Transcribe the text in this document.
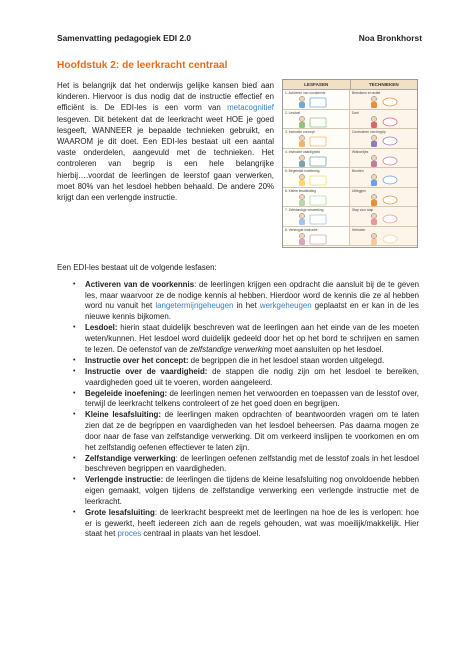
Samenvatting pedagogiek EDI 2.0	Noa Bronkhorst
Hoofdstuk 2: de leerkracht centraal

Het is belangrijk dat het onderwijs gelijke kansen bied aan kinderen. Hiervoor is dus nodig dat de instructie effectief en efficiënt is. De EDI-les is een vorm van metacognitief lesgeven. Dit betekent dat de leerkracht weet HOE je goed lesgeeft, WANNEER je bepaalde technieken gebruikt, en WAAROM je dit doet. Een EDI-les bestaat uit een aantal vaste onderdelen, aangevuld met de technieken. Het controleren van begrip is een hele belangrijke hierbij….voordat de leerlingen de leerstof gaan verwerken, moet 80% van het lesdoel hebben behaald. De andere 20% krijgt dan een verlengde instructie.

LESFASEN	TECHNIEKEN
1. Activeren van voorkennis	Betrokken en actief
2. Lesdoel	Doel
3. Instructie concept	Controleren van begrip
4. Instructie vaardigheid	Wisbordjes
5. Begeleide inoefening	Beurten
6. Kleine lesafsluiting	Uitleggen
7. Zelfstandige verwerking	Stap voor stap
8. Verlengde instructie	Herhalen

Een EDI-les bestaat uit de volgende lesfasen:

• Activeren van de voorkennis: de leerlingen krijgen een opdracht die aansluit bij de te geven les, maar waarvoor ze de nodige kennis al hebben. Hierdoor word de kennis die ze al hebben word nu vanuit het langetermijngeheugen in het werkgeheugen geplaatst en er kan in de les nieuwe kennis bijkomen.
• Lesdoel: hierin staat duidelijk beschreven wat de leerlingen aan het einde van de les moeten weten/kunnen. Het lesdoel word duidelijk gedeeld door het op het bord te schrijven en samen te lezen. De oefenstof van de zelfstandige verwerking moet aansluiten op het lesdoel.
• Instructie over het concept: de begrippen die in het lesdoel staan worden uitgelegd.
• Instructie over de vaardigheid: de stappen die nodig zijn om het lesdoel te bereiken, vaardigheden goed uit te voeren, worden aangeleerd.
• Begeleide inoefening: de leerlingen nemen het verwoorden en toepassen van de lesstof over, terwijl de leerkracht telkens controleert of ze het goed doen en begrijpen.
• Kleine lesafsluiting: de leerlingen maken opdrachten of beantwoorden vragen om te laten zien dat ze de begrippen en vaardigheden van het lesdoel beheersen. Pas daarna mogen ze door naar de fase van zelfstandige verwerking. Dit om verkeerd inslijpen te voorkomen en om het zelfstandig oefenen effectiever te laten zijn.
• Zelfstandige verwerking: de leerlingen oefenen zelfstandig met de lesstof zoals in het lesdoel beschreven begrippen en vaardigheden.
• Verlengde instructie: de leerlingen die tijdens de kleine lesafsluiting nog onvoldoende hebben eigen gemaakt, volgen tijdens de zelfstandige verwerking een verlengde instructie met de leerkracht.
• Grote lesafsluiting: de leerkracht bespreekt met de leerlingen na hoe de les is verlopen: hoe er is gewerkt, heeft iedereen zich aan de regels gehouden, wat was moeilijk/makkelijk. Hier staat het proces centraal in plaats van het lesdoel.
